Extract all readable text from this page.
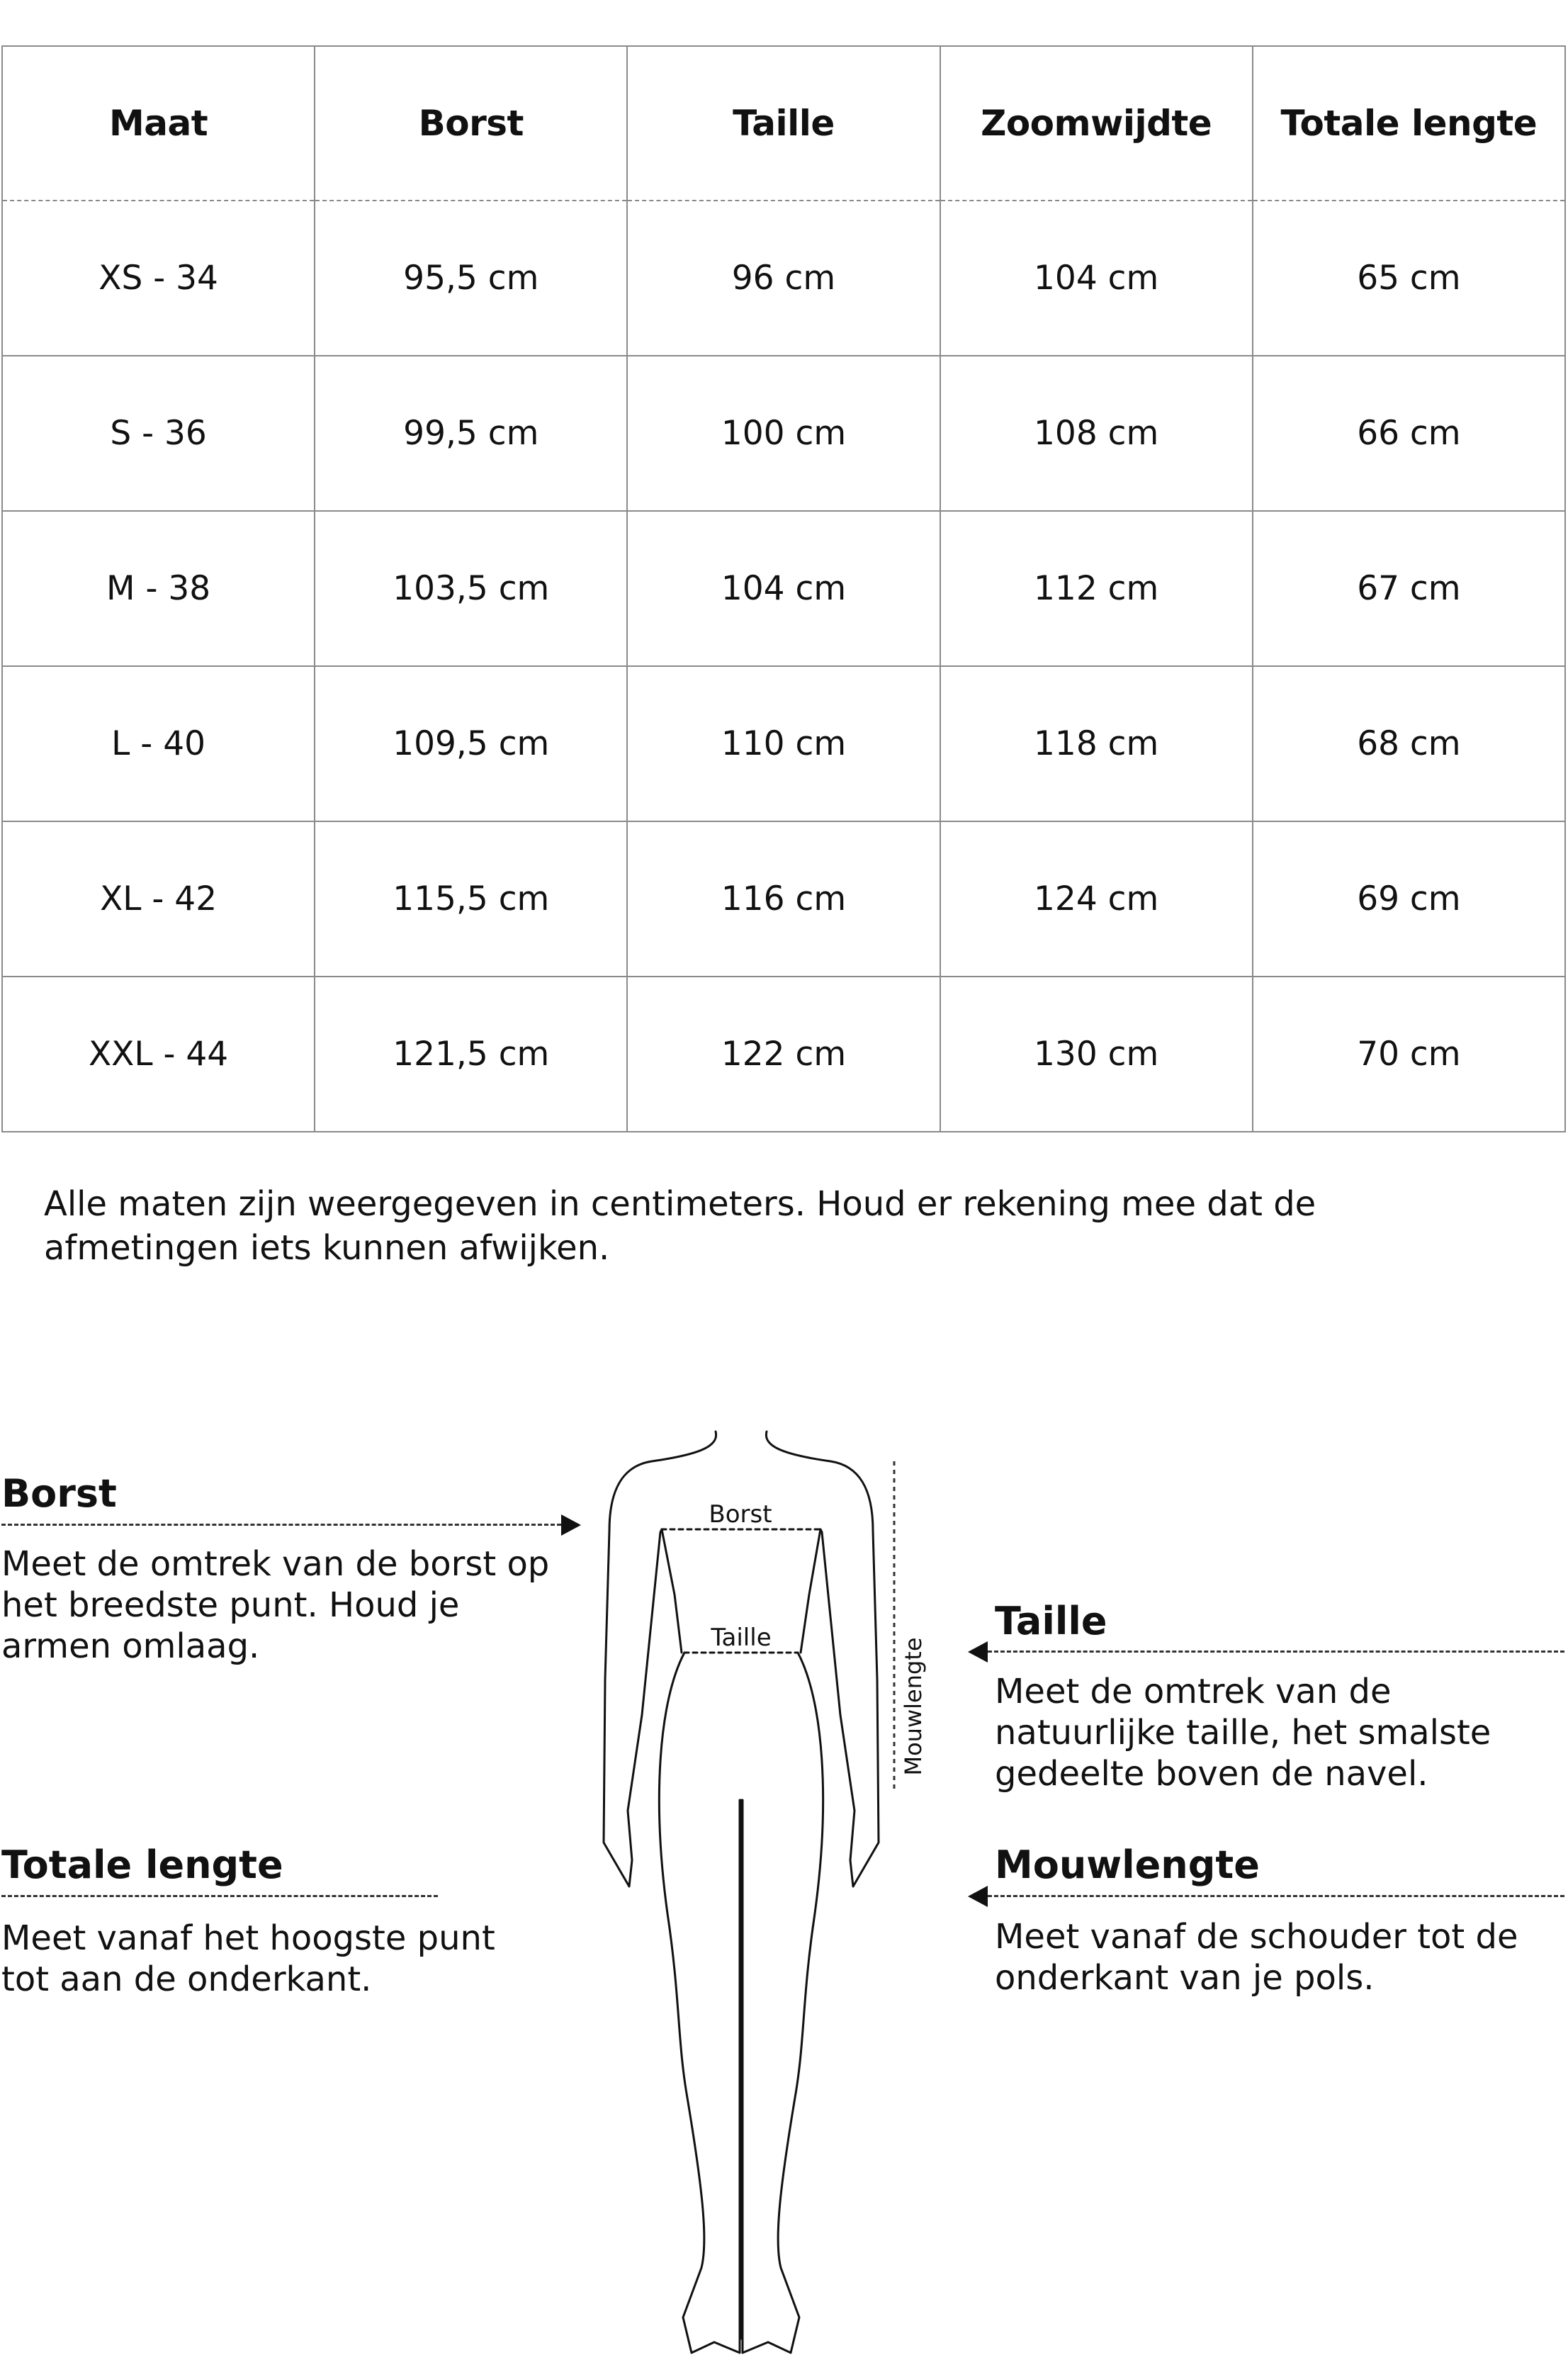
Maat	Borst	Taille	Zoomwijdte	Totale lengte
XS - 34	95,5 cm	96 cm	104 cm	65 cm
S - 36	99,5 cm	100 cm	108 cm	66 cm
M - 38	103,5 cm	104 cm	112 cm	67 cm
L - 40	109,5 cm	110 cm	118 cm	68 cm
XL - 42	115,5 cm	116 cm	124 cm	69 cm
XXL - 44	121,5 cm	122 cm	130 cm	70 cm

Alle maten zijn weergegeven in centimeters. Houd er rekening mee dat de afmetingen iets kunnen afwijken.

Borst

Meet de omtrek van de borst op het breedste punt. Houd je armen omlaag.

Totale lengte

Meet vanaf het hoogste punt tot aan de onderkant.

Taille

Meet de omtrek van de natuurlijke taille, het smalste gedeelte boven de navel.

Mouwlengte

Meet vanaf de schouder tot de onderkant van je pols.

Borst
Taille	Mouwlengte
